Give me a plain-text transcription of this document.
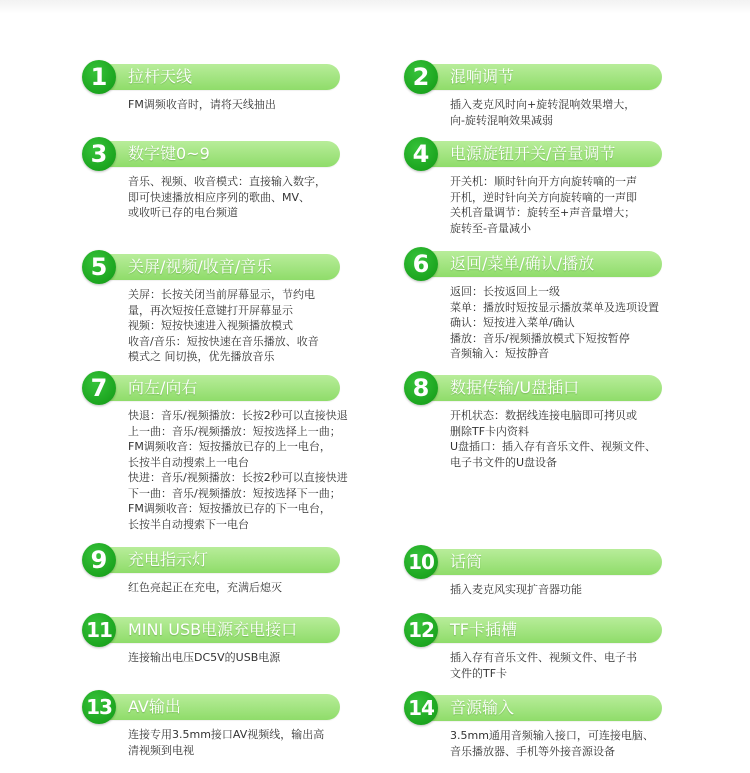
1	拉杆天线
FM调频收音时，请将天线抽出
2	混响调节
插入麦克风时向+旋转混响效果增大，
向-旋转混响效果减弱
3	数字键0~9
音乐、视频、收音模式：直接输入数字，
即可快速播放相应序列的歌曲、MV、
或收听已存的电台频道
4	电源旋钮开关/音量调节
开关机：顺时针向开方向旋转嘀的一声
开机，逆时针向关方向旋转嘀的一声即
关机音量调节：旋转至+声音量增大；
旋转至-音量减小
5	关屏/视频/收音/音乐
关屏：长按关闭当前屏幕显示，节约电
量，再次短按任意键打开屏幕显示
视频：短按快速进入视频播放模式
收音/音乐：短按快速在音乐播放、收音
模式之 间切换，优先播放音乐
6	返回/菜单/确认/播放
返回：长按返回上一级
菜单：播放时短按显示播放菜单及选项设置
确认：短按进入菜单/确认
播放：音乐/视频播放模式下短按暂停
音频输入：短按静音
7	向左/向右
快退：音乐/视频播放：长按2秒可以直接快退
上一曲：音乐/视频播放：短按选择上一曲；
FM调频收音：短按播放已存的上一电台，
长按半自动搜索上一电台
快进：音乐/视频播放：长按2秒可以直接快进
下一曲：音乐/视频播放：短按选择下一曲；
FM调频收音：短按播放已存的下一电台，
长按半自动搜索下一电台
8	数据传输/U盘插口
开机状态：数据线连接电脑即可拷贝或
删除TF卡内资料
U盘插口：插入存有音乐文件、视频文件、
电子书文件的U盘设备
9	充电指示灯
红色亮起正在充电，充满后熄灭
10 话筒
插入麦克风实现扩音器功能
11 MINI USB电源充电接口
连接输出电压DC5V的USB电源
12 TF卡插槽
插入存有音乐文件、视频文件、电子书
文件的TF卡
13 AV输出
连接专用3.5mm接口AV视频线，输出高
清视频到电视
14 音源输入
3.5mm通用音频输入接口，可连接电脑、
音乐播放器、手机等外接音源设备
